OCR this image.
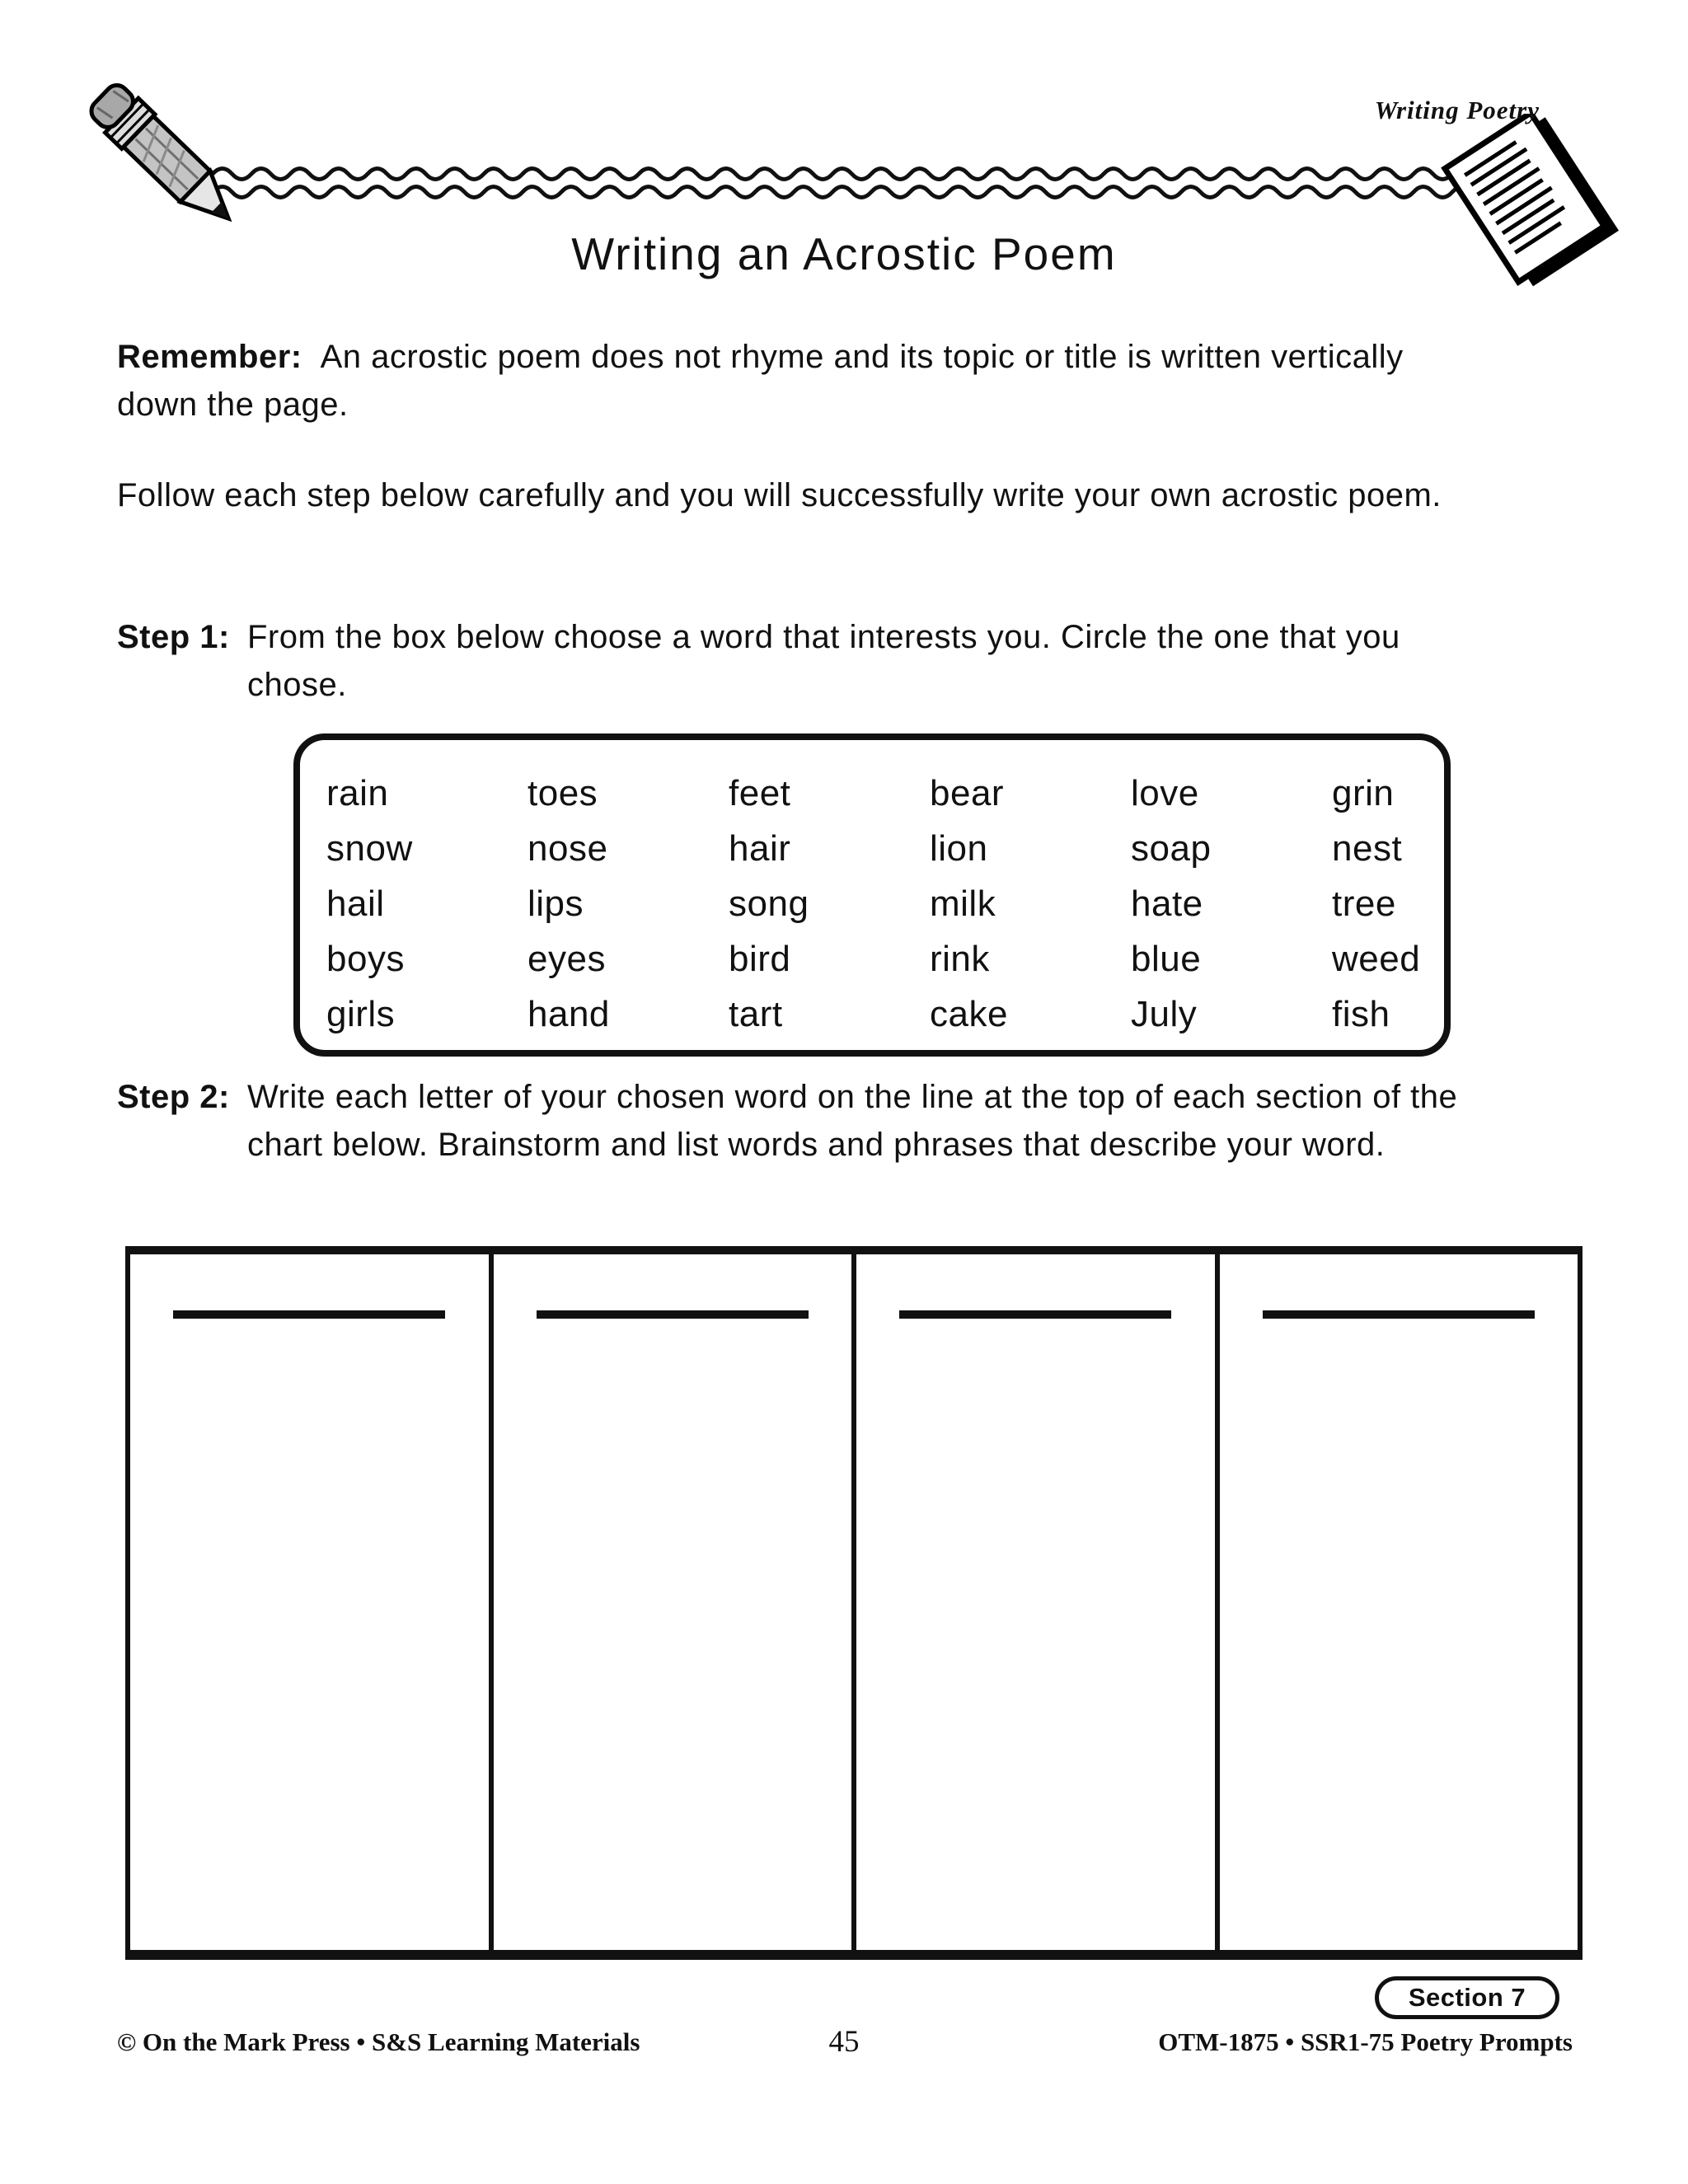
Writing Poetry
Writing an Acrostic Poem

Remember: An acrostic poem does not rhyme and its topic or title is written vertically down the page.

Follow each step below carefully and you will successfully write your own acrostic poem.

Step 1: From the box below choose a word that interests you. Circle the one that you chose.
rain	toes	feet	bear	love	grin
snow	nose	hair	lion	soap	nest
hail	lips	song	milk	hate	tree
boys	eyes	bird	rink	blue	weed
girls	hand	tart	cake	July	fish
Step 2: Write each letter of your chosen word on the line at the top of each section of the chart below. Brainstorm and list words and phrases that describe your word.
Section 7
© On the Mark Press • S&S Learning Materials	45	OTM-1875 • SSR1-75 Poetry Prompts
